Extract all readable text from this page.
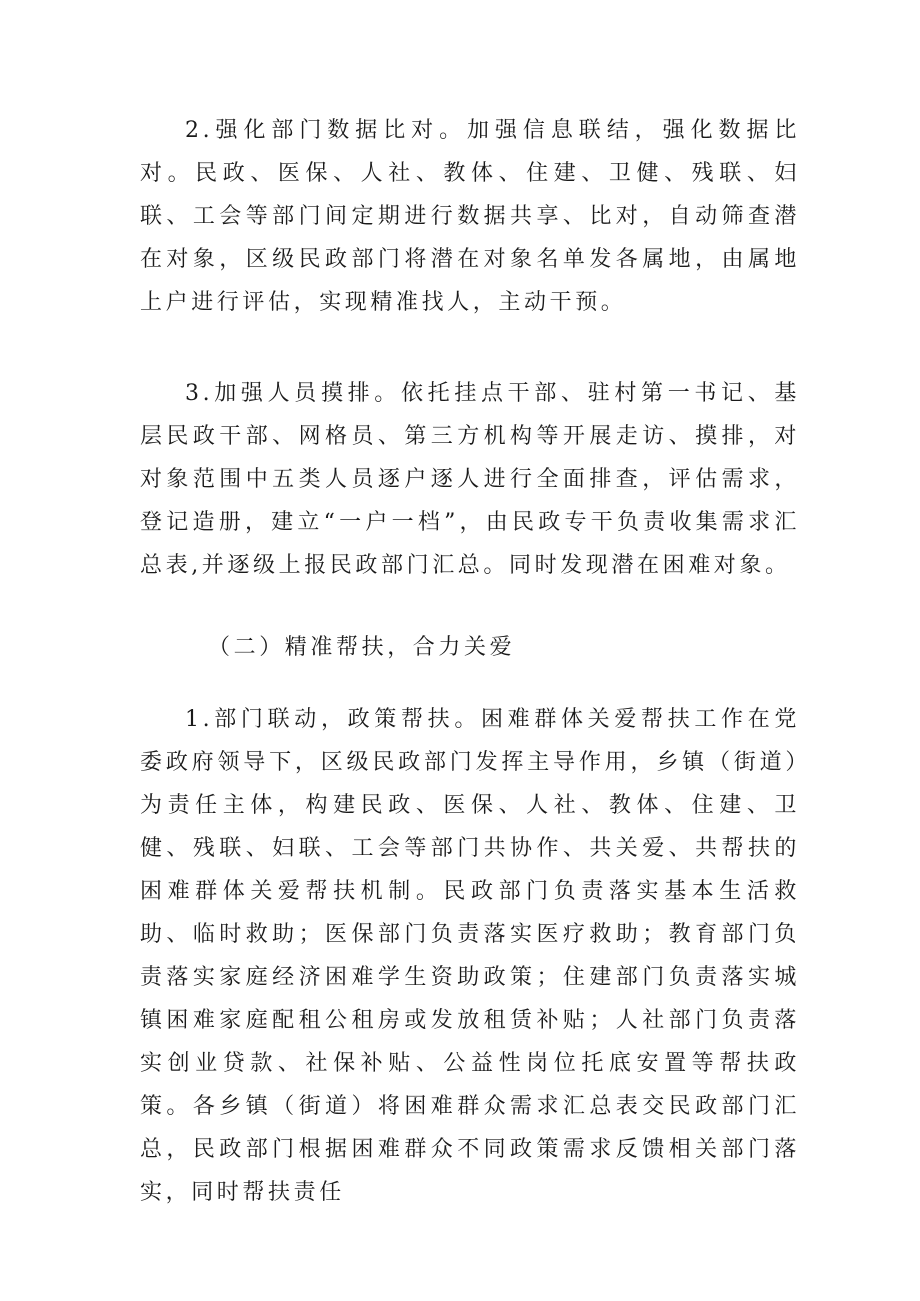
2.强化部门数据比对。加强信息联结，强化数据比对。民政、医保、人社、教体、住建、卫健、残联、妇联、工会等部门间定期进行数据共享、比对，自动筛查潜在对象，区级民政部门将潜在对象名单发各属地，由属地上户进行评估，实现精准找人，主动干预。

3.加强人员摸排。依托挂点干部、驻村第一书记、基层民政干部、网格员、第三方机构等开展走访、摸排，对对象范围中五类人员逐户逐人进行全面排查，评估需求，登记造册，建立“一户一档”，由民政专干负责收集需求汇总表,并逐级上报民政部门汇总。同时发现潜在困难对象。

（二）精准帮扶，合力关爱

1.部门联动，政策帮扶。困难群体关爱帮扶工作在党委政府领导下，区级民政部门发挥主导作用，乡镇（街道）为责任主体，构建民政、医保、人社、教体、住建、卫健、残联、妇联、工会等部门共协作、共关爱、共帮扶的困难群体关爱帮扶机制。民政部门负责落实基本生活救助、临时救助；医保部门负责落实医疗救助；教育部门负责落实家庭经济困难学生资助政策；住建部门负责落实城镇困难家庭配租公租房或发放租赁补贴；人社部门负责落实创业贷款、社保补贴、公益性岗位托底安置等帮扶政策。各乡镇（街道）将困难群众需求汇总表交民政部门汇总，民政部门根据困难群众不同政策需求反馈相关部门落实，同时帮扶责任
